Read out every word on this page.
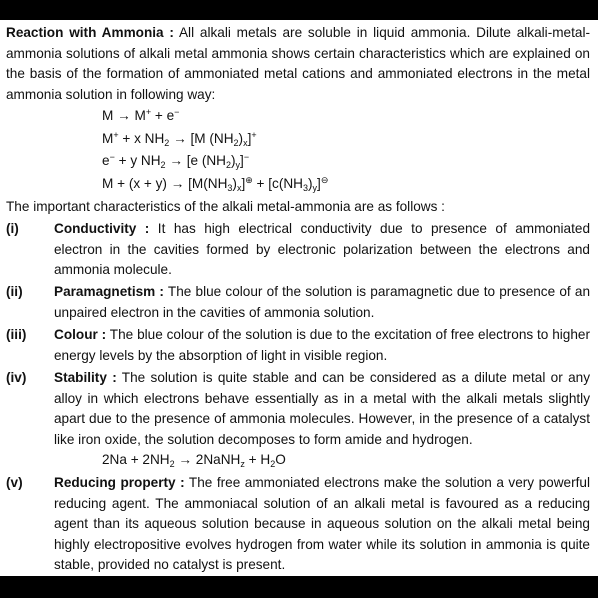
Reaction with Ammonia : All alkali metals are soluble in liquid ammonia. Dilute alkali-metal-ammonia solutions of alkali metal ammonia shows certain characteristics which are explained on the basis of the formation of ammoniated metal cations and ammoniated electrons in the metal ammonia solution in following way:
M → M+ + e−
M+ + x $NH_2 \to [M$ $(NH_2)_x]^+$
e− + y $NH_2 \to [e$ $(NH_2)_y]^-$
$M + (x + y) \to [M(NH_3)_x]^\oplus + [c(NH_3)_y]^⊖$
The important characteristics of the alkali metal-ammonia are as follows :
(i)	Conductivity : It has high electrical conductivity due to presence of ammoniated electron in the cavities formed by electronic polarization between the electrons and ammonia molecule.
(ii) Paramagnetism : The blue colour of the solution is paramagnetic due to presence of an unpaired electron in the cavities of ammonia solution.
(iii) Colour : The blue colour of the solution is due to the excitation of free electrons to higher energy levels by the absorption of light in visible region.
(iv) Stability : The solution is quite stable and can be considered as a dilute metal or any alloy in which electrons behave essentially as in a metal with the alkali metals slightly apart due to the presence of ammonia molecules. However, in the presence of a catalyst like iron oxide, the solution decomposes to form amide and hydrogen.
$2Na + 2NH_2$ → 2NaNH$_z$ + $H_2O$
(v) Reducing property : The free ammoniated electrons make the solution a very powerful reducing agent. The ammoniacal solution of an alkali metal is favoured as a reducing agent than its aqueous solution because in aqueous solution on the alkali metal being highly electropositive evolves hydrogen from water while its solution in ammonia is quite stable, provided no catalyst is present.
